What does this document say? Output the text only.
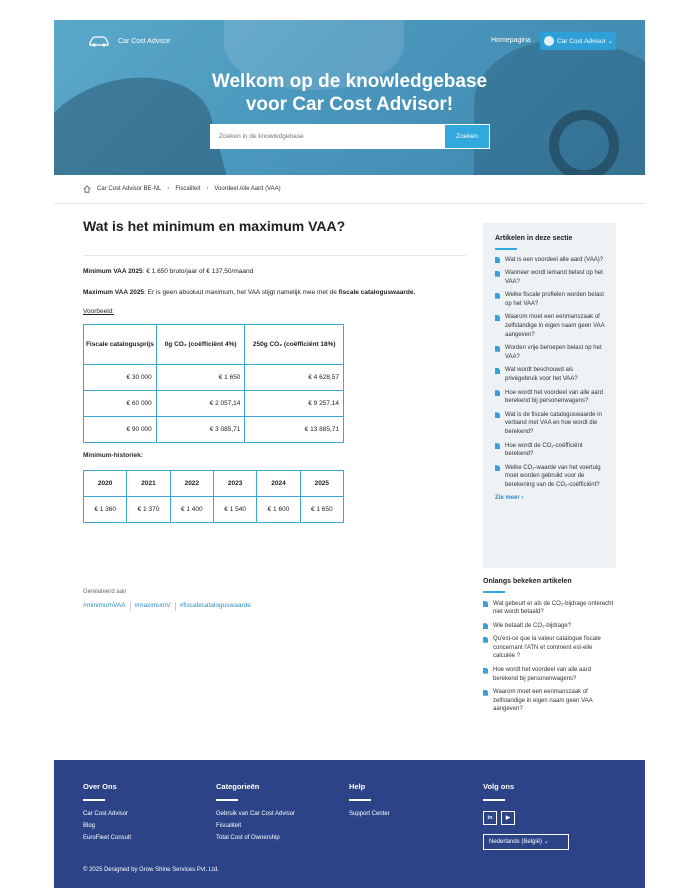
Car Cost Advisor	Homepagina	Car Cost Advisor ⌄
Welkom op de knowledgebase
voor Car Cost Advisor!
Zoeken in de knowledgebase
Zoeken
Car Cost Advisor BE-NL › Fiscaliteit › Voordeel Alle Aard (VAA)
Wat is het minimum en maximum VAA?
Minimum VAA 2025: € 1.650 bruto/jaar of € 137,50/maand
Maximum VAA 2025: Er is geen absoluut maximum, het VAA stijgt namelijk mee met de fiscale cataloguswaarde.
Voorbeeld:
Fiscale catalogusprijs	0g CO₂ (coëfficiënt 4%)	250g CO₂ (coëfficiënt 18%)
€ 30 000	€ 1 650	€ 4 628,57
€ 60 000	€ 2 057,14	€ 9 257,14
€ 90 000	€ 3 085,71	€ 13 885,71
Minimum-historiek:
2020	2021	2022	2023	2024	2025
€ 1 360	€ 1 370	€ 1 400	€ 1 540	€ 1 600	€ 1 650
Gerelateerd aan
#minimumVAA #maximumV #fiscalecataloguswaarde
Artikelen in deze sectie
Wat is een voordeel alle aard (VAA)?
Wanneer wordt iemand belast op het VAA?
Welke fiscale profielen worden belast op het VAA?
Waarom moet een eenmanszaak of zelfstandige in eigen naam geen VAA aangeven?
Worden vrije beroepen belast op het VAA?
Wat wordt beschouwd als privégebruik voor het VAA?
Hoe wordt het voordeel van alle aard berekend bij personenwagens?
Wat is de fiscale cataloguswaarde in verband met VAA en hoe wordt die berekend?
Hoe wordt de CO₂-coëfficiënt berekend?
Welke CO₂-waarde van het voertuig moet worden gebruikt voor de berekening van de CO₂-coëfficiënt?
Zie meer ›
Onlangs bekeken artikelen
Wat gebeurt er als de CO₂-bijdrage onterecht niet wordt betaald?
Wie betaalt de CO₂-bijdrage?
Qu'est-ce que la valeur catalogue fiscale concernant l'ATN et comment est-elle calculée ?
Hoe wordt het voordeel van alle aard berekend bij personenwagens?
Waarom moet een eenmanszaak of zelfstandige in eigen naam geen VAA aangeven?
Over Ons
Car Cost Advisor
Blog
EuroFleet Consult
Categorieën
Gebruik van Car Cost Advisor
Fiscaliteit
Total Cost of Ownership
Help
Support Center
Volg ons
in	▶
Nederlands (België) ⌄
© 2025 Designed by Grow Shine Services Pvt. Ltd.
